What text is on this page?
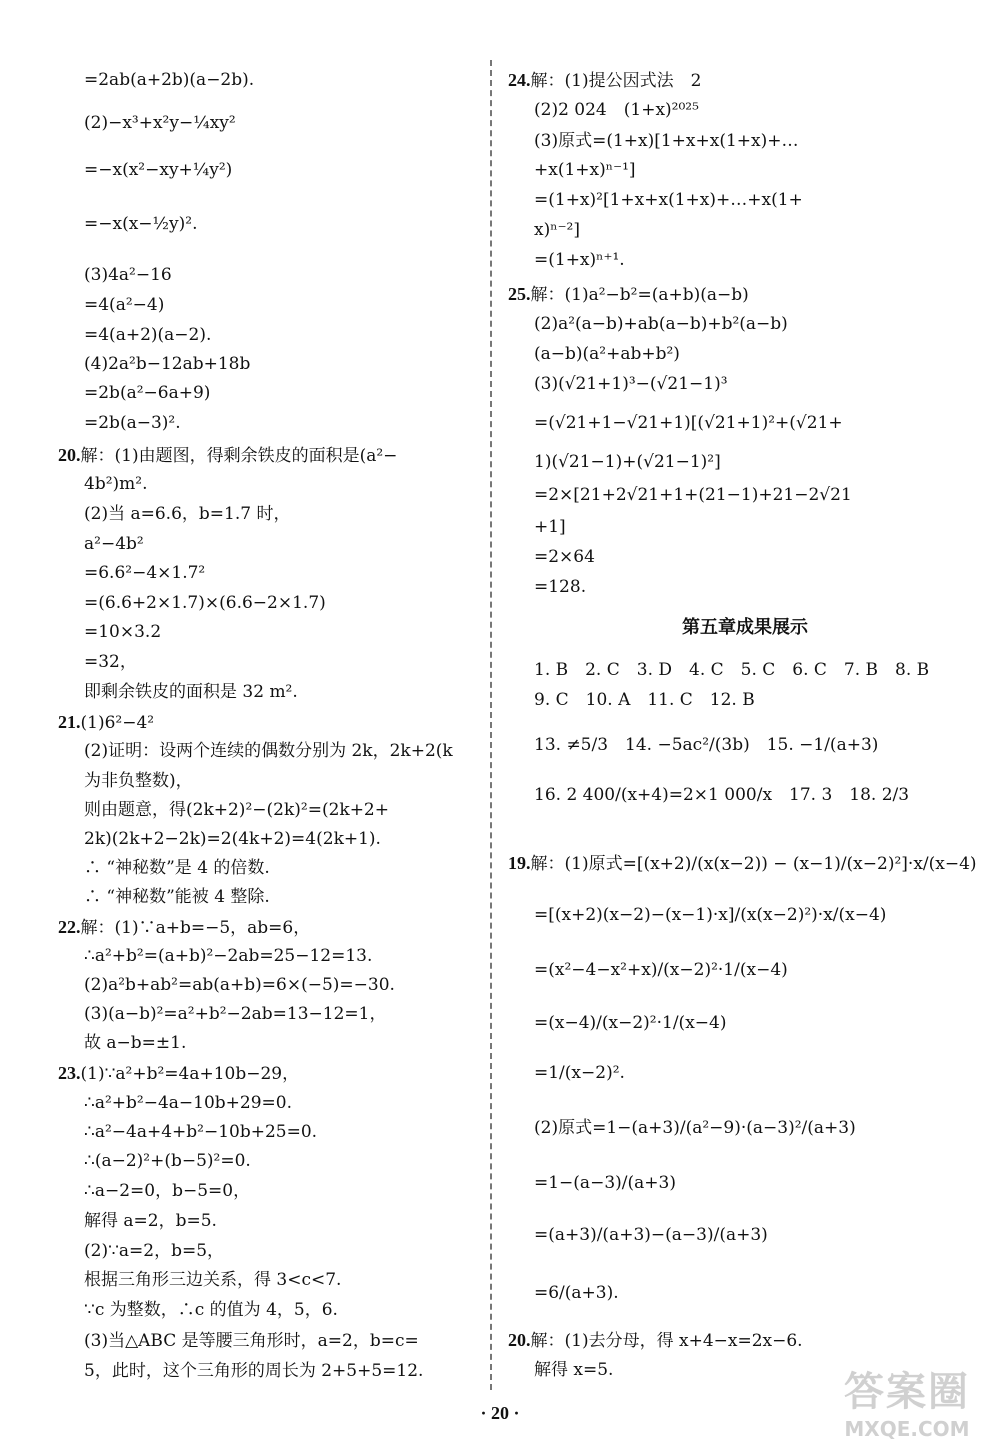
=2ab(a+2b)(a−2b).
(2)−x³+x²y−¼xy²
=−x(x²−xy+¼y²)
=−x(x−½y)².
(3)4a²−16
=4(a²−4)
=4(a+2)(a−2).
(4)2a²b−12ab+18b
=2b(a²−6a+9)
=2b(a−3)².
20.解：(1)由题图，得剩余铁皮的面积是(a²−
4b²)m².
(2)当 a=6.6，b=1.7 时，
a²−4b²
=6.6²−4×1.7²
=(6.6+2×1.7)×(6.6−2×1.7)
=10×3.2
=32，
即剩余铁皮的面积是 32 m².
21.(1)6²−4²
(2)证明：设两个连续的偶数分别为 2k，2k+2(k
为非负整数)，
则由题意，得(2k+2)²−(2k)²=(2k+2+
2k)(2k+2−2k)=2(4k+2)=4(2k+1).
∴ “神秘数”是 4 的倍数.
∴ “神秘数”能被 4 整除.
22.解：(1)∵a+b=−5，ab=6，
∴a²+b²=(a+b)²−2ab=25−12=13.
(2)a²b+ab²=ab(a+b)=6×(−5)=−30.
(3)(a−b)²=a²+b²−2ab=13−12=1，
故 a−b=±1.
23.(1)∵a²+b²=4a+10b−29，
∴a²+b²−4a−10b+29=0.
∴a²−4a+4+b²−10b+25=0.
∴(a−2)²+(b−5)²=0.
∴a−2=0，b−5=0，
解得 a=2，b=5.
(2)∵a=2，b=5，
根据三角形三边关系，得 3<c<7.
∵c 为整数，∴c 的值为 4，5，6.
(3)当△ABC 是等腰三角形时，a=2，b=c=
5，此时，这个三角形的周长为 2+5+5=12.
24.解：(1)提公因式法　2
(2)2 024　(1+x)²⁰²⁵
(3)原式=(1+x)[1+x+x(1+x)+…
+x(1+x)ⁿ⁻¹]
=(1+x)²[1+x+x(1+x)+…+x(1+
x)ⁿ⁻²]
=(1+x)ⁿ⁺¹.
25.解：(1)a²−b²=(a+b)(a−b)
(2)a²(a−b)+ab(a−b)+b²(a−b)
(a−b)(a²+ab+b²)
(3)(√21+1)³−(√21−1)³
=(√21+1−√21+1)[(√21+1)²+(√21+
1)(√21−1)+(√21−1)²]
=2×[21+2√21+1+(21−1)+21−2√21
+1]
=2×64
=128.
1. B　2. C　3. D　4. C　5. C　6. C　7. B　8. B
9. C　10. A　11. C　12. B
13. ≠5/3　14. −5ac²/(3b)　15. −1/(a+3)
16. 2 400/(x+4)=2×1 000/x　17. 3　18. 2/3
19.解：(1)原式=[(x+2)/(x(x−2)) − (x−1)/(x−2)²]·x/(x−4)
=[(x+2)(x−2)−(x−1)·x]/(x(x−2)²)·x/(x−4)
=(x²−4−x²+x)/(x−2)²·1/(x−4)
=(x−4)/(x−2)²·1/(x−4)
=1/(x−2)².
(2)原式=1−(a+3)/(a²−9)·(a−3)²/(a+3)
=1−(a−3)/(a+3)
=(a+3)/(a+3)−(a−3)/(a+3)
=6/(a+3).
20.解：(1)去分母，得 x+4−x=2x−6.
解得 x=5.
第五章成果展示
· 20 ·	答案圈
MXQE.COM
